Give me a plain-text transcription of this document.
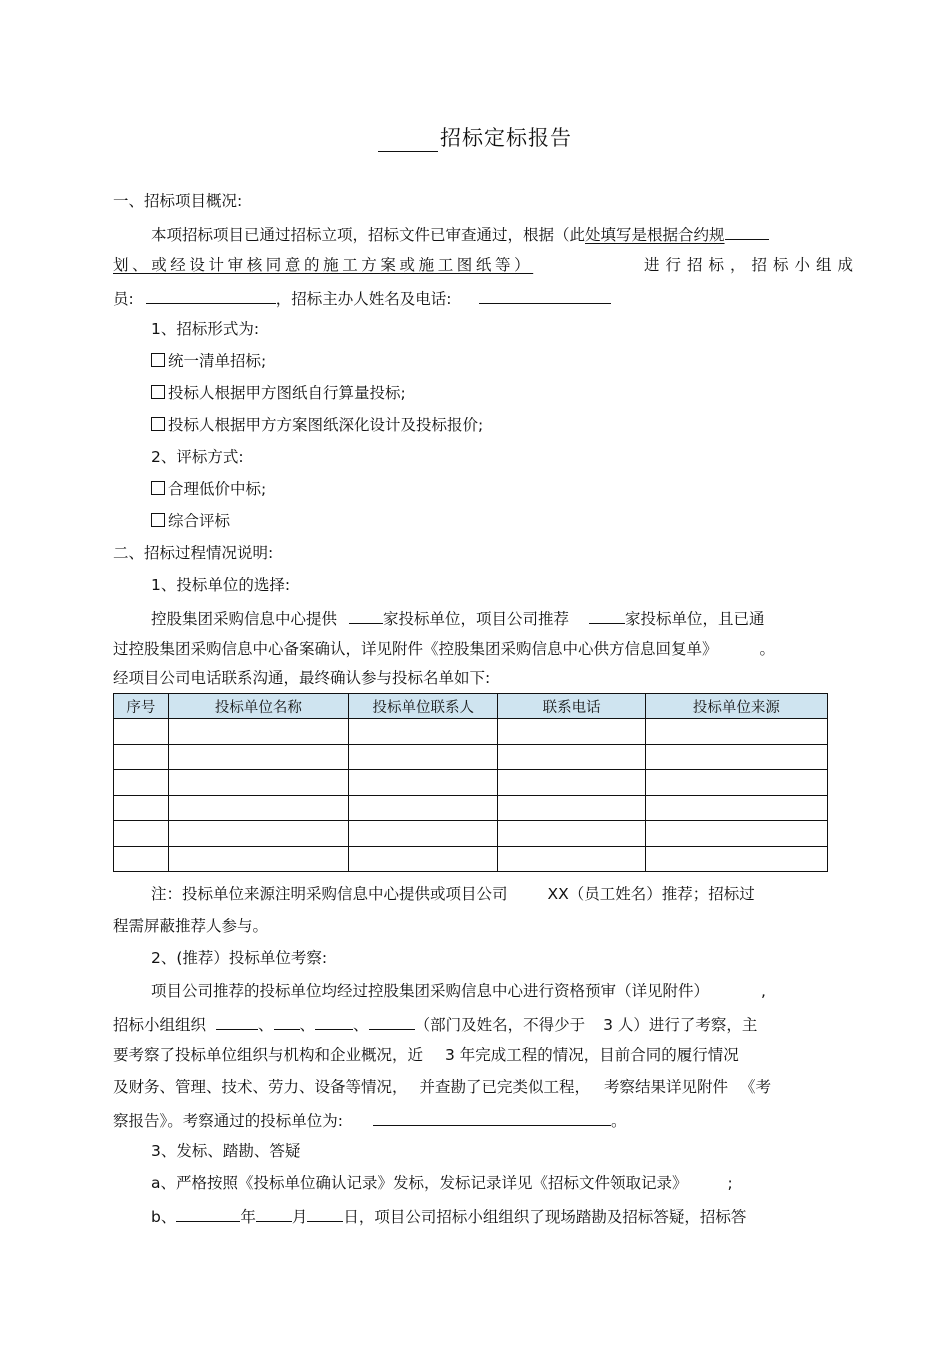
招标定标报告
一、招标项目概况:
本项招标项目已通过招标立项，招标文件已审查通过，根据（此处填写是根据合约规
划、或经设计审核同意的施工方案或施工图纸等）	进行招标，招标小组成
员:	，招标主办人姓名及电话:
1、招标形式为:
统一清单招标;
投标人根据甲方图纸自行算量投标;
投标人根据甲方方案图纸深化设计及投标报价;
2、评标方式:
合理低价中标;
综合评标
二、招标过程情况说明:
1、投标单位的选择:
控股集团采购信息中心提供	家投标单位，项目公司推荐	家投标单位，且已通
过控股集团采购信息中心备案确认，详见附件《控股集团采购信息中心供方信息回复单》	。
经项目公司电话联系沟通，最终确认参与投标名单如下:
序号	投标单位名称	投标单位联系人	联系电话	投标单位来源

注：投标单位来源注明采购信息中心提供或项目公司	XX（员工姓名）推荐；招标过
程需屏蔽推荐人参与。
2、(推荐）投标单位考察:
项目公司推荐的投标单位均经过控股集团采购信息中心进行资格预审（详见附件）	,
招标小组组织	、 、 、	（部门及姓名，不得少于 3 人）进行了考察，主
要考察了投标单位组织与机构和企业概况，近 3 年完成工程的情况，目前合同的履行情况
及财务、管理、技术、劳力、设备等情况， 并查勘了已完类似工程， 考察结果详见附件 《考
察报告》。考察通过的投标单位为:	。
3、发标、踏勘、答疑
a、严格按照《投标单位确认记录》发标，发标记录详见《招标文件领取记录》	;
b、	年 月 日，项目公司招标小组组织了现场踏勘及招标答疑，招标答
